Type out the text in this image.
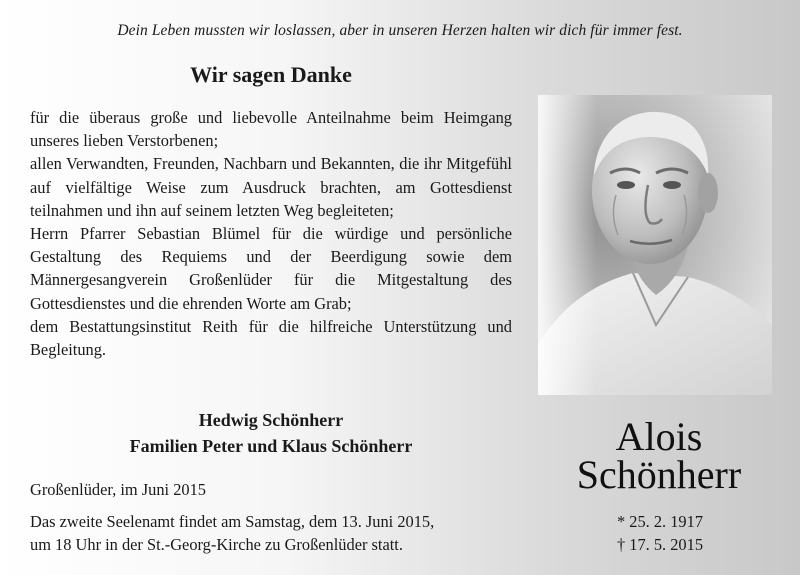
Dein Leben mussten wir loslassen, aber in unseren Herzen halten wir dich für immer fest.
Wir sagen Danke

für die überaus große und liebevolle Anteilnahme beim Heimgang unseres lieben Verstorbenen;

allen Verwandten, Freunden, Nachbarn und Bekannten, die ihr Mitgefühl auf vielfältige Weise zum Ausdruck brachten, am Gottesdienst teilnahmen und ihn auf seinem letzten Weg begleiteten;

Herrn Pfarrer Sebastian Blümel für die würdige und persönliche Gestaltung des Requiems und der Beerdigung sowie dem Männergesangverein Großenlüder für die Mitgestaltung des Gottesdienstes und die ehrenden Worte am Grab;

dem Bestattungsinstitut Reith für die hilfreiche Unterstützung und Begleitung.

Hedwig Schönherr
Familien Peter und Klaus Schönherr
Großenlüder, im Juni 2015
Das zweite Seelenamt findet am Samstag, dem 13. Juni 2015,
um 18 Uhr in der St.-Georg-Kirche zu Großenlüder statt.
Alois
Schönherr
* 25. 2. 1917
† 17. 5. 2015
